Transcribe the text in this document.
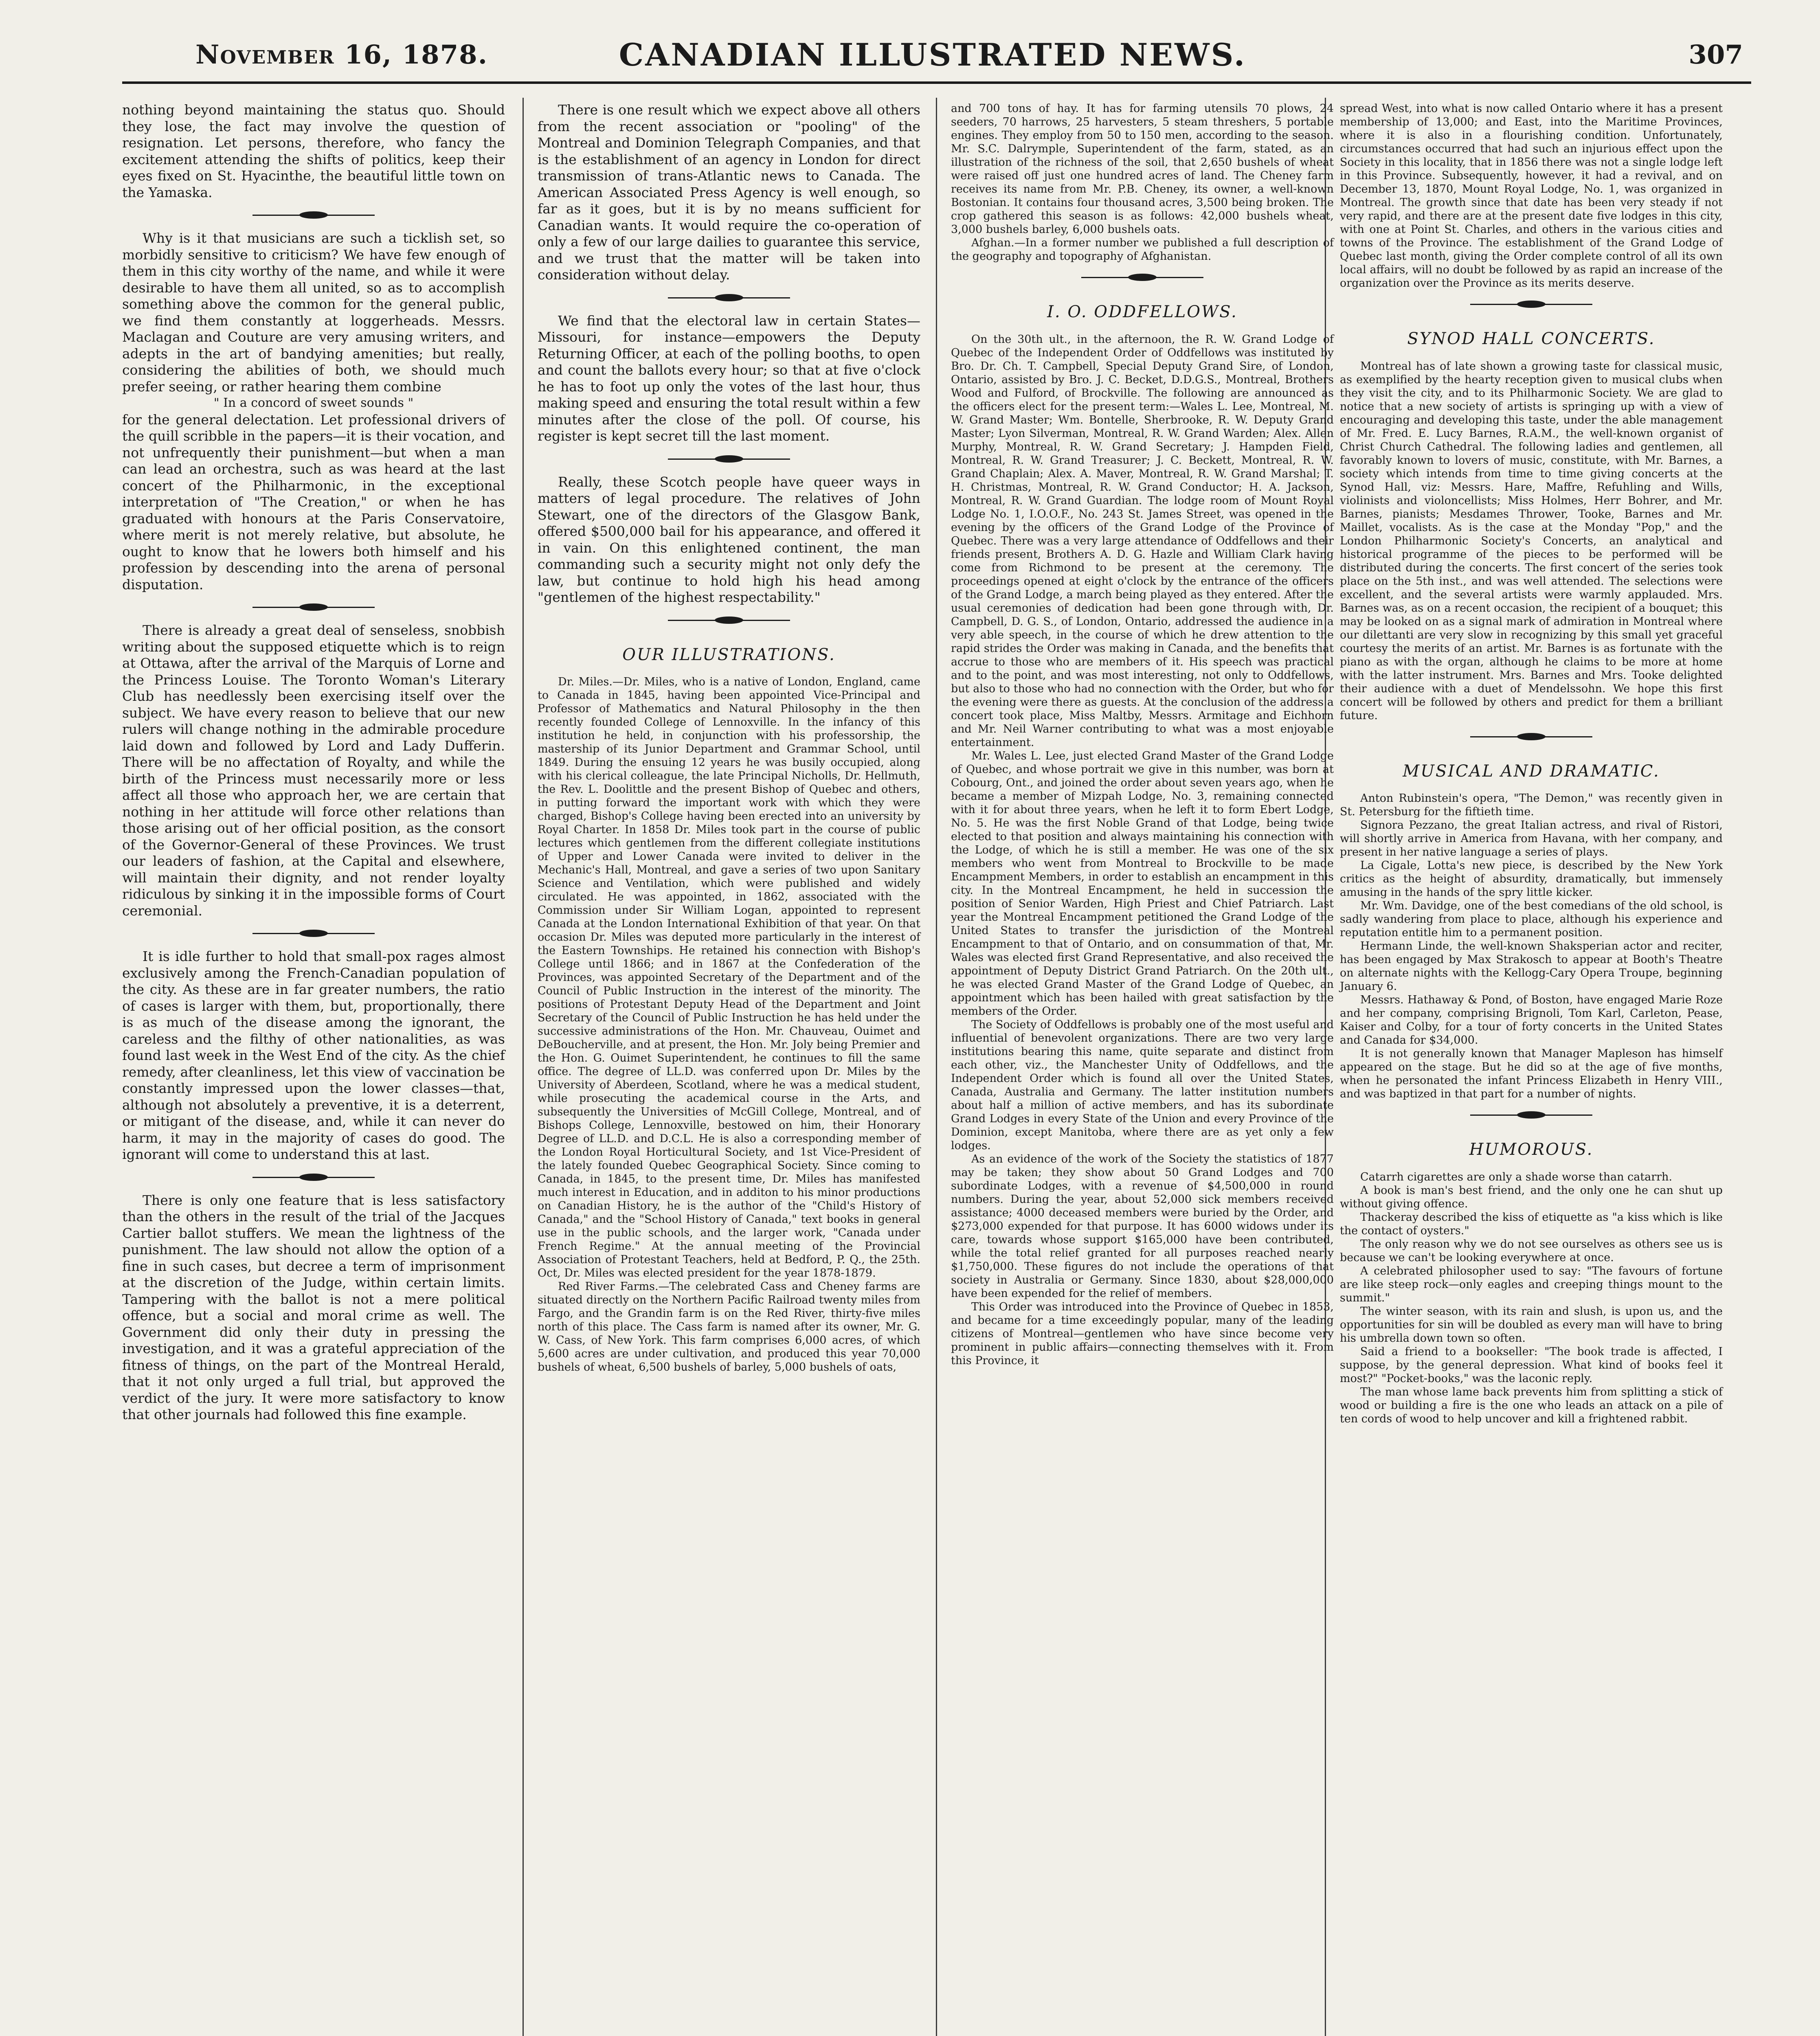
November 16, 1878.	CANADIAN ILLUSTRATED NEWS.	307

nothing beyond maintaining the status quo. Should they lose, the fact may involve the question of resignation. Let persons, therefore, who fancy the excitement attending the shifts of politics, keep their eyes fixed on St. Hyacinthe, the beautiful little town on the Yamaska.

Why is it that musicians are such a ticklish set, so morbidly sensitive to criticism? We have few enough of them in this city worthy of the name, and while it were desirable to have them all united, so as to accomplish something above the common for the general public, we find them constantly at loggerheads. Messrs. Maclagan and Couture are very amusing writers, and adepts in the art of bandying amenities; but really, considering the abilities of both, we should much prefer seeing, or rather hearing them combine

" In a concord of sweet sounds "

for the general delectation. Let professional drivers of the quill scribble in the papers—it is their vocation, and not unfrequently their punishment—but when a man can lead an orchestra, such as was heard at the last concert of the Philharmonic, in the exceptional interpretation of "The Creation," or when he has graduated with honours at the Paris Conservatoire, where merit is not merely relative, but absolute, he ought to know that he lowers both himself and his profession by descending into the arena of personal disputation.

There is already a great deal of senseless, snobbish writing about the supposed etiquette which is to reign at Ottawa, after the arrival of the Marquis of Lorne and the Princess Louise. The Toronto Woman's Literary Club has needlessly been exercising itself over the subject. We have every reason to believe that our new rulers will change nothing in the admirable procedure laid down and followed by Lord and Lady Dufferin. There will be no affectation of Royalty, and while the birth of the Princess must necessarily more or less affect all those who approach her, we are certain that nothing in her attitude will force other relations than those arising out of her official position, as the consort of the Governor-General of these Provinces. We trust our leaders of fashion, at the Capital and elsewhere, will maintain their dignity, and not render loyalty ridiculous by sinking it in the impossible forms of Court ceremonial.

It is idle further to hold that small-pox rages almost exclusively among the French-Canadian population of the city. As these are in far greater numbers, the ratio of cases is larger with them, but, proportionally, there is as much of the disease among the ignorant, the careless and the filthy of other nationalities, as was found last week in the West End of the city. As the chief remedy, after cleanliness, let this view of vaccination be constantly impressed upon the lower classes—that, although not absolutely a preventive, it is a deterrent, or mitigant of the disease, and, while it can never do harm, it may in the majority of cases do good. The ignorant will come to understand this at last.

There is only one feature that is less satisfactory than the others in the result of the trial of the Jacques Cartier ballot stuffers. We mean the lightness of the punishment. The law should not allow the option of a fine in such cases, but decree a term of imprisonment at the discretion of the Judge, within certain limits. Tampering with the ballot is not a mere political offence, but a social and moral crime as well. The Government did only their duty in pressing the investigation, and it was a grateful appreciation of the fitness of things, on the part of the Montreal Herald, that it not only urged a full trial, but approved the verdict of the jury. It were more satisfactory to know that other journals had followed this fine example.

There is one result which we expect above all others from the recent association or "pooling" of the Montreal and Dominion Telegraph Companies, and that is the establishment of an agency in London for direct transmission of trans-Atlantic news to Canada. The American Associated Press Agency is well enough, so far as it goes, but it is by no means sufficient for Canadian wants. It would require the co-operation of only a few of our large dailies to guarantee this service, and we trust that the matter will be taken into consideration without delay.

We find that the electoral law in certain States—Missouri, for instance—empowers the Deputy Returning Officer, at each of the polling booths, to open and count the ballots every hour; so that at five o'clock he has to foot up only the votes of the last hour, thus making speed and ensuring the total result within a few minutes after the close of the poll. Of course, his register is kept secret till the last moment.

Really, these Scotch people have queer ways in matters of legal procedure. The relatives of John Stewart, one of the directors of the Glasgow Bank, offered $500,000 bail for his appearance, and offered it in vain. On this enlightened continent, the man commanding such a security might not only defy the law, but continue to hold high his head among "gentlemen of the highest respectability."

OUR ILLUSTRATIONS.

Dr. Miles.—Dr. Miles, who is a native of London, England, came to Canada in 1845, having been appointed Vice-Principal and Professor of Mathematics and Natural Philosophy in the then recently founded College of Lennoxville. In the infancy of this institution he held, in conjunction with his professorship, the mastership of its Junior Department and Grammar School, until 1849. During the ensuing 12 years he was busily occupied, along with his clerical colleague, the late Principal Nicholls, Dr. Hellmuth, the Rev. L. Doolittle and the present Bishop of Quebec and others, in putting forward the important work with which they were charged, Bishop's College having been erected into an university by Royal Charter. In 1858 Dr. Miles took part in the course of public lectures which gentlemen from the different collegiate institutions of Upper and Lower Canada were invited to deliver in the Mechanic's Hall, Montreal, and gave a series of two upon Sanitary Science and Ventilation, which were published and widely circulated. He was appointed, in 1862, associated with the Commission under Sir William Logan, appointed to represent Canada at the London International Exhibition of that year. On that occasion Dr. Miles was deputed more particularly in the interest of the Eastern Townships. He retained his connection with Bishop's College until 1866; and in 1867 at the Confederation of the Provinces, was appointed Secretary of the Department and of the Council of Public Instruction in the interest of the minority. The positions of Protestant Deputy Head of the Department and Joint Secretary of the Council of Public Instruction he has held under the successive administrations of the Hon. Mr. Chauveau, Ouimet and DeBoucherville, and at present, the Hon. Mr. Joly being Premier and the Hon. G. Ouimet Superintendent, he continues to fill the same office. The degree of LL.D. was conferred upon Dr. Miles by the University of Aberdeen, Scotland, where he was a medical student, while prosecuting the academical course in the Arts, and subsequently the Universities of McGill College, Montreal, and of Bishops College, Lennoxville, bestowed on him, their Honorary Degree of LL.D. and D.C.L. He is also a corresponding member of the London Royal Horticultural Society, and 1st Vice-President of the lately founded Quebec Geographical Society. Since coming to Canada, in 1845, to the present time, Dr. Miles has manifested much interest in Education, and in additon to his minor productions on Canadian History, he is the author of the "Child's History of Canada," and the "School History of Canada," text books in general use in the public schools, and the larger work, "Canada under French Regime." At the annual meeting of the Provincial Association of Protestant Teachers, held at Bedford, P. Q., the 25th. Oct, Dr. Miles was elected president for the year 1878-1879.

Red River Farms.—The celebrated Cass and Cheney farms are situated directly on the Northern Pacific Railroad twenty miles from Fargo, and the Grandin farm is on the Red River, thirty-five miles north of this place. The Cass farm is named after its owner, Mr. G. W. Cass, of New York. This farm comprises 6,000 acres, of which 5,600 acres are under cultivation, and produced this year 70,000 bushels of wheat, 6,500 bushels of barley, 5,000 bushels of oats,

and 700 tons of hay. It has for farming utensils 70 plows, 24 seeders, 70 harrows, 25 harvesters, 5 steam threshers, 5 portable engines. They employ from 50 to 150 men, according to the season. Mr. S.C. Dalrymple, Superintendent of the farm, stated, as an illustration of the richness of the soil, that 2,650 bushels of wheat were raised off just one hundred acres of land. The Cheney farm receives its name from Mr. P.B. Cheney, its owner, a well-known Bostonian. It contains four thousand acres, 3,500 being broken. The crop gathered this season is as follows: 42,000 bushels wheat, 3,000 bushels barley, 6,000 bushels oats.

Afghan.—In a former number we published a full description of the geography and topography of Afghanistan.

I. O. ODDFELLOWS.

On the 30th ult., in the afternoon, the R. W. Grand Lodge of Quebec of the Independent Order of Oddfellows was instituted by Bro. Dr. Ch. T. Campbell, Special Deputy Grand Sire, of London, Ontario, assisted by Bro. J. C. Becket, D.D.G.S., Montreal, Brothers Wood and Fulford, of Brockville. The following are announced as the officers elect for the present term:—Wales L. Lee, Montreal, M. W. Grand Master; Wm. Bontelle, Sherbrooke, R. W. Deputy Grand Master; Lyon Silverman, Montreal, R. W. Grand Warden; Alex. Allen Murphy, Montreal, R. W. Grand Secretary; J. Hampden Field, Montreal, R. W. Grand Treasurer; J. C. Beckett, Montreal, R. W. Grand Chaplain; Alex. A. Maver, Montreal, R. W. Grand Marshal; T. H. Christmas, Montreal, R. W. Grand Conductor; H. A. Jackson, Montreal, R. W. Grand Guardian. The lodge room of Mount Royal Lodge No. 1, I.O.O.F., No. 243 St. James Street, was opened in the evening by the officers of the Grand Lodge of the Province of Quebec. There was a very large attendance of Oddfellows and their friends present, Brothers A. D. G. Hazle and William Clark having come from Richmond to be present at the ceremony. The proceedings opened at eight o'clock by the entrance of the officers of the Grand Lodge, a march being played as they entered. After the usual ceremonies of dedication had been gone through with, Dr. Campbell, D. G. S., of London, Ontario, addressed the audience in a very able speech, in the course of which he drew attention to the rapid strides the Order was making in Canada, and the benefits that accrue to those who are members of it. His speech was practical and to the point, and was most interesting, not only to Oddfellows, but also to those who had no connection with the Order, but who for the evening were there as guests. At the conclusion of the address a concert took place, Miss Maltby, Messrs. Armitage and Eichhorn and Mr. Neil Warner contributing to what was a most enjoyable entertainment.

Mr. Wales L. Lee, just elected Grand Master of the Grand Lodge of Quebec, and whose portrait we give in this number, was born at Cobourg, Ont., and joined the order about seven years ago, when he became a member of Mizpah Lodge, No. 3, remaining connected with it for about three years, when he left it to form Ebert Lodge, No. 5. He was the first Noble Grand of that Lodge, being twice elected to that position and always maintaining his connection with the Lodge, of which he is still a member. He was one of the six members who went from Montreal to Brockville to be made Encampment Members, in order to establish an encampment in this city. In the Montreal Encampment, he held in succession the position of Senior Warden, High Priest and Chief Patriarch. Last year the Montreal Encampment petitioned the Grand Lodge of the United States to transfer the jurisdiction of the Montreal Encampment to that of Ontario, and on consummation of that, Mr. Wales was elected first Grand Representative, and also received the appointment of Deputy District Grand Patriarch. On the 20th ult., he was elected Grand Master of the Grand Lodge of Quebec, an appointment which has been hailed with great satisfaction by the members of the Order.

The Society of Oddfellows is probably one of the most useful and influential of benevolent organizations. There are two very large institutions bearing this name, quite separate and distinct from each other, viz., the Manchester Unity of Oddfellows, and the Independent Order which is found all over the United States, Canada, Australia and Germany. The latter institution numbers about half a million of active members, and has its subordinate Grand Lodges in every State of the Union and every Province of the Dominion, except Manitoba, where there are as yet only a few lodges.

As an evidence of the work of the Society the statistics of 1877 may be taken; they show about 50 Grand Lodges and 700 subordinate Lodges, with a revenue of $4,500,000 in round numbers. During the year, about 52,000 sick members received assistance; 4000 deceased members were buried by the Order, and $273,000 expended for that purpose. It has 6000 widows under its care, towards whose support $165,000 have been contributed, while the total relief granted for all purposes reached nearly $1,750,000. These figures do not include the operations of that society in Australia or Germany. Since 1830, about $28,000,000 have been expended for the relief of members.

This Order was introduced into the Province of Quebec in 1853, and became for a time exceedingly popular, many of the leading citizens of Montreal—gentlemen who have since become very prominent in public affairs—connecting themselves with it. From this Province, it

spread West, into what is now called Ontario where it has a present membership of 13,000; and East, into the Maritime Provinces, where it is also in a flourishing condition. Unfortunately, circumstances occurred that had such an injurious effect upon the Society in this locality, that in 1856 there was not a single lodge left in this Province. Subsequently, however, it had a revival, and on December 13, 1870, Mount Royal Lodge, No. 1, was organized in Montreal. The growth since that date has been very steady if not very rapid, and there are at the present date five lodges in this city, with one at Point St. Charles, and others in the various cities and towns of the Province. The establishment of the Grand Lodge of Quebec last month, giving the Order complete control of all its own local affairs, will no doubt be followed by as rapid an increase of the organization over the Province as its merits deserve.

SYNOD HALL CONCERTS.

Montreal has of late shown a growing taste for classical music, as exemplified by the hearty reception given to musical clubs when they visit the city, and to its Philharmonic Society. We are glad to notice that a new society of artists is springing up with a view of encouraging and developing this taste, under the able management of Mr. Fred. E. Lucy Barnes, R.A.M., the well-known organist of Christ Church Cathedral. The following ladies and gentlemen, all favorably known to lovers of music, constitute, with Mr. Barnes, a society which intends from time to time giving concerts at the Synod Hall, viz: Messrs. Hare, Maffre, Refuhling and Wills, violinists and violoncellists; Miss Holmes, Herr Bohrer, and Mr. Barnes, pianists; Mesdames Thrower, Tooke, Barnes and Mr. Maillet, vocalists. As is the case at the Monday "Pop," and the London Philharmonic Society's Concerts, an analytical and historical programme of the pieces to be performed will be distributed during the concerts. The first concert of the series took place on the 5th inst., and was well attended. The selections were excellent, and the several artists were warmly applauded. Mrs. Barnes was, as on a recent occasion, the recipient of a bouquet; this may be looked on as a signal mark of admiration in Montreal where our dilettanti are very slow in recognizing by this small yet graceful courtesy the merits of an artist. Mr. Barnes is as fortunate with the piano as with the organ, although he claims to be more at home with the latter instrument. Mrs. Barnes and Mrs. Tooke delighted their audience with a duet of Mendelssohn. We hope this first concert will be followed by others and predict for them a brilliant future.

MUSICAL AND DRAMATIC.

Anton Rubinstein's opera, "The Demon," was recently given in St. Petersburg for the fiftieth time.

Signora Pezzano, the great Italian actress, and rival of Ristori, will shortly arrive in America from Havana, with her company, and present in her native language a series of plays.

La Cigale, Lotta's new piece, is described by the New York critics as the height of absurdity, dramatically, but immensely amusing in the hands of the spry little kicker.

Mr. Wm. Davidge, one of the best comedians of the old school, is sadly wandering from place to place, although his experience and reputation entitle him to a permanent position.

Hermann Linde, the well-known Shaksperian actor and reciter, has been engaged by Max Strakosch to appear at Booth's Theatre on alternate nights with the Kellogg-Cary Opera Troupe, beginning January 6.

Messrs. Hathaway & Pond, of Boston, have engaged Marie Roze and her company, comprising Brignoli, Tom Karl, Carleton, Pease, Kaiser and Colby, for a tour of forty concerts in the United States and Canada for $34,000.

It is not generally known that Manager Mapleson has himself appeared on the stage. But he did so at the age of five months, when he personated the infant Princess Elizabeth in Henry VIII., and was baptized in that part for a number of nights.

HUMOROUS.

Catarrh cigarettes are only a shade worse than catarrh.

A book is man's best friend, and the only one he can shut up without giving offence.

Thackeray described the kiss of etiquette as "a kiss which is like the contact of oysters."

The only reason why we do not see ourselves as others see us is because we can't be looking everywhere at once.

A celebrated philosopher used to say: "The favours of fortune are like steep rock—only eagles and creeping things mount to the summit."

The winter season, with its rain and slush, is upon us, and the opportunities for sin will be doubled as every man will have to bring his umbrella down town so often.

Said a friend to a bookseller: "The book trade is affected, I suppose, by the general depression. What kind of books feel it most?" "Pocket-books," was the laconic reply.

The man whose lame back prevents him from splitting a stick of wood or building a fire is the one who leads an attack on a pile of ten cords of wood to help uncover and kill a frightened rabbit.
